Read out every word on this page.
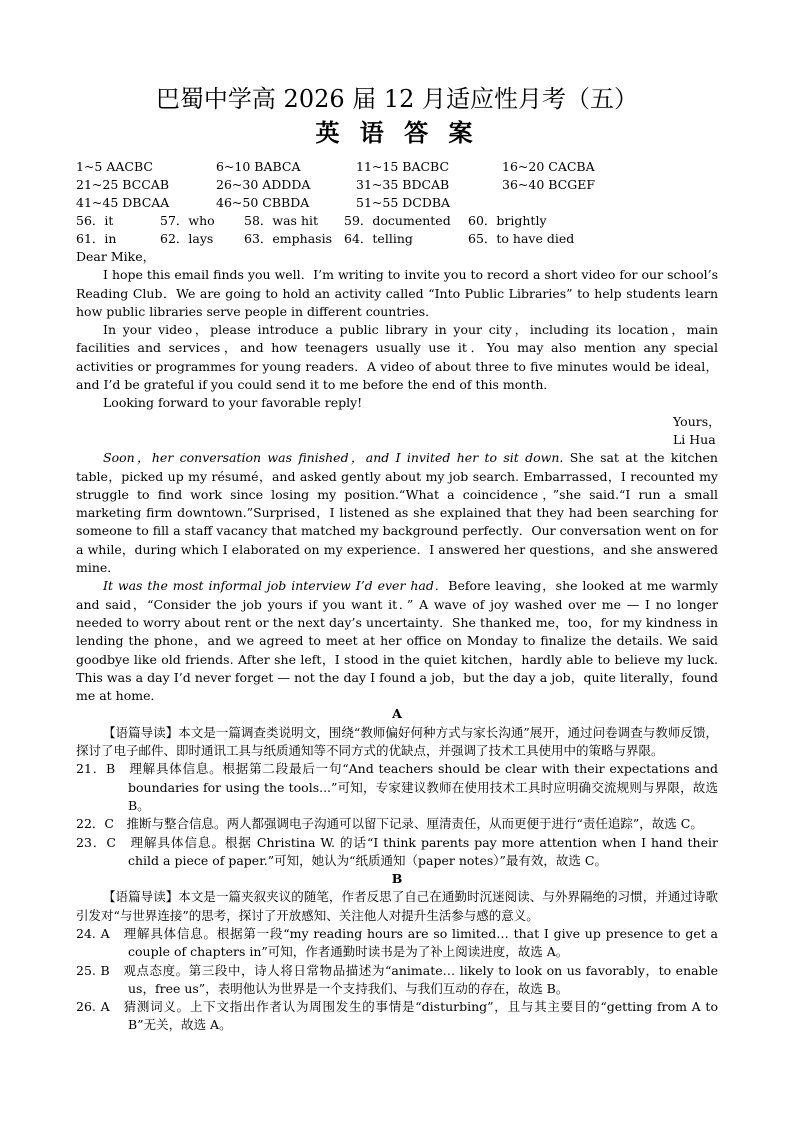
巴蜀中学高 2026 届 12 月适应性月考（五）
英 语 答 案
1~5 AACBC	6~10 BABCA	11~15 BACBC	16~20 CACBA
21~25 BCCAB	26~30 ADDDA	31~35 BDCAB	36~40 BCGEF
41~45 DBCAA	46~50 CBBDA	51~55 DCDBA
56．it	57．who	58．was hit	59．documented	60．brightly
61．in	62．lays	63．emphasis 64．telling	65．to have died

Dear Mike，

I hope this email finds you well．I’m writing to invite you to record a short video for our school’s Reading Club．We are going to hold an activity called “Into Public Libraries” to help students learn how public libraries serve people in different countries．

In your video，please introduce a public library in your city，including its location，main facilities and services，and how teenagers usually use it．You may also mention any special activities or programmes for young readers．A video of about three to five minutes would be ideal，and I’d be grateful if you could send it to me before the end of this month．

Looking forward to your favorable reply!

Yours，

Li Hua

Soon，her conversation was finished，and I invited her to sit down. She sat at the kitchen table，picked up my résumé，and asked gently about my job search. Embarrassed，I recounted my struggle to find work since losing my position.“What a coincidence，”she said.“I run a small marketing firm downtown.”Surprised，I listened as she explained that they had been searching for someone to fill a staff vacancy that matched my background perfectly．Our conversation went on for a while，during which I elaborated on my experience．I answered her questions，and she answered mine．

It was the most informal job interview I’d ever had．Before leaving，she looked at me warmly and said，“Consider the job yours if you want it．” A wave of joy washed over me — I no longer needed to worry about rent or the next day’s uncertainty．She thanked me，too，for my kindness in lending the phone，and we agreed to meet at her office on Monday to finalize the details. We said goodbye like old friends. After she left，I stood in the quiet kitchen，hardly able to believe my luck. This was a day I’d never forget — not the day I found a job，but the day a job，quite literally，found me at home．

A

【语篇导读】本文是一篇调查类说明文，围绕“教师偏好何种方式与家长沟通”展开，通过问卷调查与教师反馈，探讨了电子邮件、即时通讯工具与纸质通知等不同方式的优缺点，并强调了技术工具使用中的策略与界限。

21．B　 理解具体信息。根据第二段最后一句“And teachers should be clear with their expectations and boundaries for using the tools...”可知，专家建议教师在使用技术工具时应明确交流规则与界限，故选 B。

22．C　 推断与整合信息。两人都强调电子沟通可以留下记录、厘清责任，从而更便于进行“责任追踪”，故选 C。

23．C　 理解具体信息。根据 Christina W. 的话“I think parents pay more attention when I hand their child a piece of paper.”可知，她认为“纸质通知（paper notes）”最有效，故选 C。

B

【语篇导读】本文是一篇夹叙夹议的随笔，作者反思了自己在通勤时沉迷阅读、与外界隔绝的习惯，并通过诗歌引发对“与世界连接”的思考，探讨了开放感知、关注他人对提升生活参与感的意义。

24. A　 理解具体信息。根据第一段“my reading hours are so limited… that I give up presence to get a couple of chapters in”可知，作者通勤时读书是为了补上阅读进度，故选 A。

25. B　 观点态度。第三段中，诗人将日常物品描述为“animate… likely to look on us favorably，to enable us，free us”，表明他认为世界是一个支持我们、与我们互动的存在，故选 B。

26. A　 猜测词义。上下文指出作者认为周围发生的事情是“disturbing”，且与其主要目的“getting from A to B”无关，故选 A。
